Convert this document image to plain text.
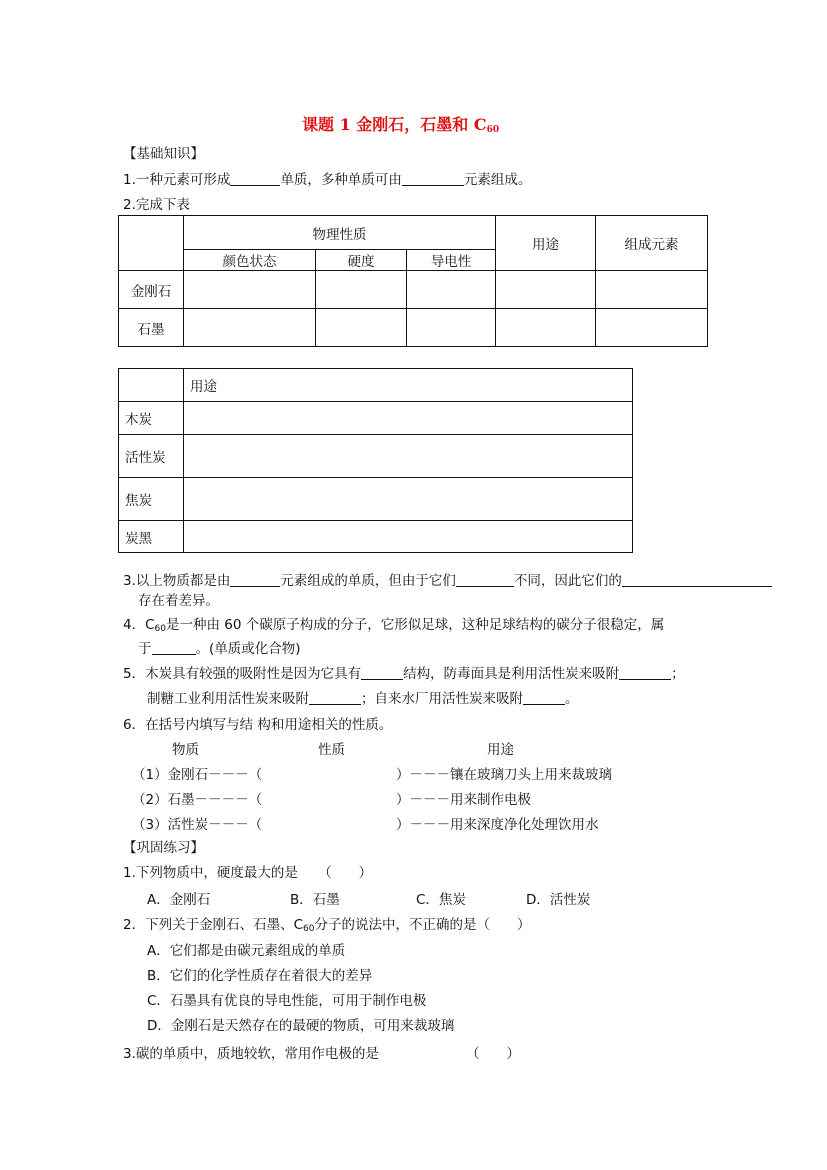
课题 1 金刚石，石墨和 $C_{60}$
【基础知识】
1.一种元素可形成	单质，多种单质可由	元素组成。
2.完成下表
	物理性质			用途	组成元素
	颜色状态	硬度	导电性		
金刚石					
石墨					
	用途
木炭	
活性炭	
焦炭	
炭黑	
3.以上物质都是由	元素组成的单质，但由于它们	不同，因此它们的
存在着差异。
4．$C_{60}$是一种由 60 个碳原子构成的分子，它形似足球，这种足球结构的碳分子很稳定，属
于	。(单质或化合物)
5．木炭具有较强的吸附性是因为它具有	结构，防毒面具是利用活性炭来吸附	；
制糖工业利用活性炭来吸附	；自来水厂用活性炭来吸附	。
6．在括号内填写与结 构和用途相关的性质。
物质	性质	用途
（1）金刚石－－－（	）－－－镶在玻璃刀头上用来裁玻璃
（2）石墨－－－－（	）－－－用来制作电极
（3）活性炭－－－（	）－－－用来深度净化处理饮用水
【巩固练习】
1.下列物质中，硬度最大的是　　（　　）
A．金刚石	B．石墨	C．焦炭	D．活性炭
2．下列关于金刚石、石墨、$C_{60}$分子的说法中，不正确的是（　　）
A．它们都是由碳元素组成的单质
B．它们的化学性质存在着很大的差异
C．石墨具有优良的导电性能，可用于制作电极
D．金刚石是天然存在的最硬的物质，可用来裁玻璃
3.碳的单质中，质地较软，常用作电极的是	（　　）
